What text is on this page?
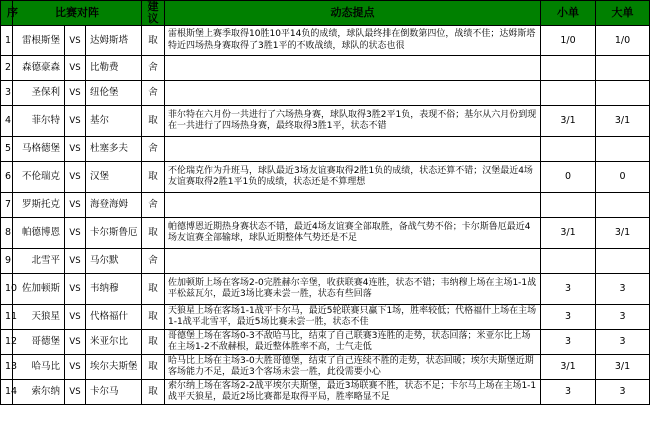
序	比赛对阵			建议	动态提点	小单	大单
1	雷根斯堡	VS	达姆斯塔	取	雷根斯堡上赛季取得10胜10平14负的成绩，球队最终排在倒数第四位，战绩不佳；达姆斯塔特近四场热身赛取得了3胜1平的不败战绩，球队的状态也很	1/0	1/0
2	森德豪森	VS	比勒费	舍			
3	圣保利	VS	纽伦堡	舍			
4	菲尔特	VS	基尔	取	菲尔特在六月份一共进行了六场热身赛，球队取得3胜2平1负，表现不俗；基尔从六月份到现在一共进行了四场热身赛，最终取得3胜1平，状态不错	3/1	3/1
5	马格德堡	VS	杜塞多夫	舍			
6	不伦瑞克	VS	汉堡	取	不伦瑞克作为升班马，球队最近3场友谊赛取得2胜1负的成绩，状态还算不错；汉堡最近4场友谊赛取得2胜1平1负的成绩，状态还是不算理想	0	0
7	罗斯托克	VS	海登海姆	舍			
8	帕德博恩	VS	卡尔斯鲁厄	取	帕德博恩近期热身赛状态不错，最近4场友谊赛全部取胜，备战气势不俗；卡尔斯鲁厄最近4场友谊赛全部输球，球队近期整体气势还是不足	3/1	3/1
9	北雪平	VS	马尔默	舍			
10	佐加顿斯	VS	韦纳穆	取	佐加顿斯上场在客场2-0完胜赫尔辛堡，收获联赛4连胜，状态不错；韦纳穆上场在主场1-1战平松兹瓦尔，最近3场比赛未尝一胜，状态有些回落	3	3
11	天狼星	VS	代格福什	取	天狼星上场在客场1-1战平卡尔马，最近5轮联赛只赢下1场，胜率较低；代格福什上场在主场1-1战平北雪平，最近5场比赛未尝一胜，状态不佳	3	3
12	哥德堡	VS	米亚尔比	取	哥德堡上场在客场0-3不敌哈马比，结束了自己联赛3连胜的走势，状态回落；米亚尔比上场在主场1-2不敌赫根，最近整体胜率不高，士气走低	3	3
13	哈马比	VS	埃尔夫斯堡	取	哈马比上场在主场3-0大胜哥德堡，结束了自己连续不胜的走势，状态回暖；埃尔夫斯堡近期客场能力不足，最近3个客场未尝一胜，此役需要小心	3/1	3/1
14	索尔纳	VS	卡尔马	取	索尔纳上场在客场2-2战平埃尔夫斯堡，最近3场联赛不胜，状态不足；卡尔马上场在主场1-1战平天狼星，最近2场比赛都是取得平局，胜率略显不足	3	3
